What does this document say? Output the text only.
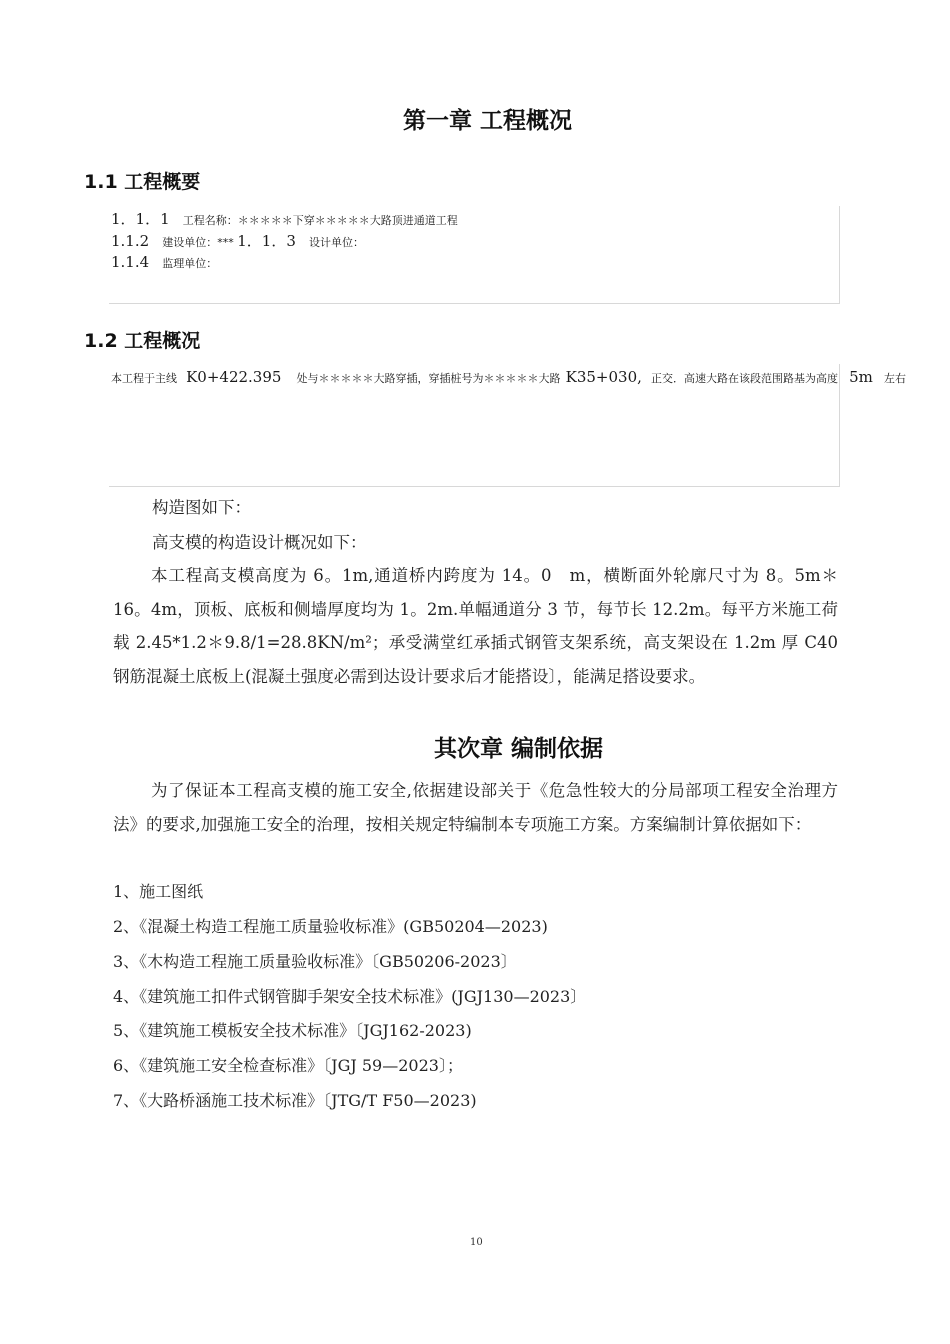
第一章 工程概况
1.1 工程概要
1．1．1 工程名称：＊＊＊＊＊下穿＊＊＊＊＊大路顶进通道工程
1.1.2 建设单位：*** 1．1．3 设计单位：
1.1.4 监理单位：
1.2 工程概况
本工程于主线 K0+422.395 处与＊＊＊＊＊大路穿插，穿插桩号为＊＊＊＊＊大路 K35+030, 正交．高速大路在该段范围路基为高度 5m 左右
构造图如下：
高支模的构造设计概况如下：
本工程高支模高度为 6。1m,通道桥内跨度为 14。0　m，横断面外轮廓尺寸为 8。5m＊16。4m，顶板、底板和侧墙厚度均为 1。2m.单幅通道分 3 节，每节长 12.2m。每平方米施工荷载 2.45*1.2＊9.8/1=28.8KN/m²；承受满堂红承插式钢管支架系统，高支架设在 1.2m 厚 C40 钢筋混凝土底板上(混凝土强度必需到达设计要求后才能搭设〕，能满足搭设要求。
其次章 编制依据
为了保证本工程高支模的施工安全,依据建设部关于《危急性较大的分局部项工程安全治理方法》的要求,加强施工安全的治理，按相关规定特编制本专项施工方案。方案编制计算依据如下：
1、施工图纸
2、《混凝土构造工程施工质量验收标准》(GB50204—2023)
3、《木构造工程施工质量验收标准》〔GB50206-2023〕
4、《建筑施工扣件式钢管脚手架安全技术标准》(JGJ130—2023〕
5、《建筑施工模板安全技术标准》〔JGJ162-2023)
6、《建筑施工安全检查标准》〔JGJ 59—2023〕；
7、《大路桥涵施工技术标准》〔JTG/T F50—2023)
10
